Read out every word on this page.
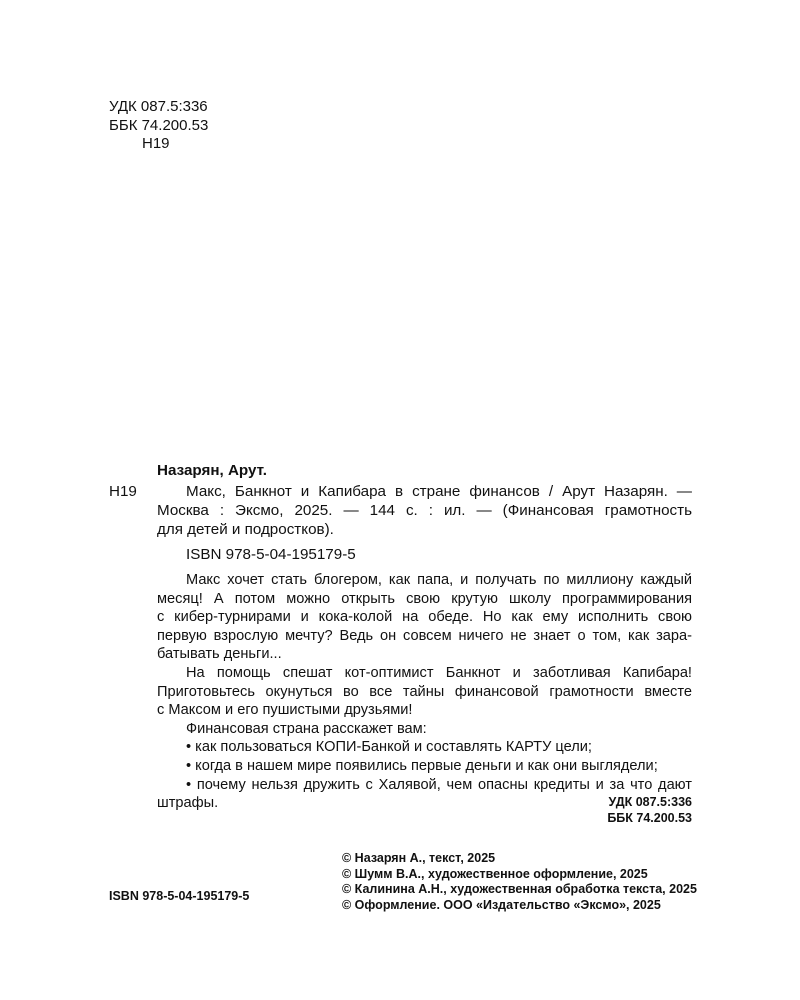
УДК 087.5:336
ББК 74.200.53
Н19
Назарян, Арут.
Н19	Макс, Банкнот и Капибара в стране финансов / Арут Назарян. —
Москва : Эксмо, 2025. — 144 с. : ил. — (Финансовая грамотность
для детей и подростков).
ISBN 978-5-04-195179-5
Макс хочет стать блогером, как папа, и получать по миллиону каждый
месяц! А потом можно открыть свою крутую школу программирования
с кибер-турнирами и кока-колой на обеде. Но как ему исполнить свою
первую взрослую мечту? Ведь он совсем ничего не знает о том, как зара-
батывать деньги...
На помощь спешат кот-оптимист Банкнот и заботливая Капибара!
Приготовьтесь окунуться во все тайны финансовой грамотности вместе
с Максом и его пушистыми друзьями!
Финансовая страна расскажет вам:
• как пользоваться КОПИ-Банкой и составлять КАРТУ цели;
• когда в нашем мире появились первые деньги и как они выглядели;
• почему нельзя дружить с Халявой, чем опасны кредиты и за что дают
штрафы.	УДК 087.5:336
ББК 74.200.53
ISBN 978-5-04-195179-5
© Назарян А., текст, 2025
© Шумм В.А., художественное оформление, 2025
© Калинина А.Н., художественная обработка текста, 2025
© Оформление. ООО «Издательство «Эксмо», 2025
